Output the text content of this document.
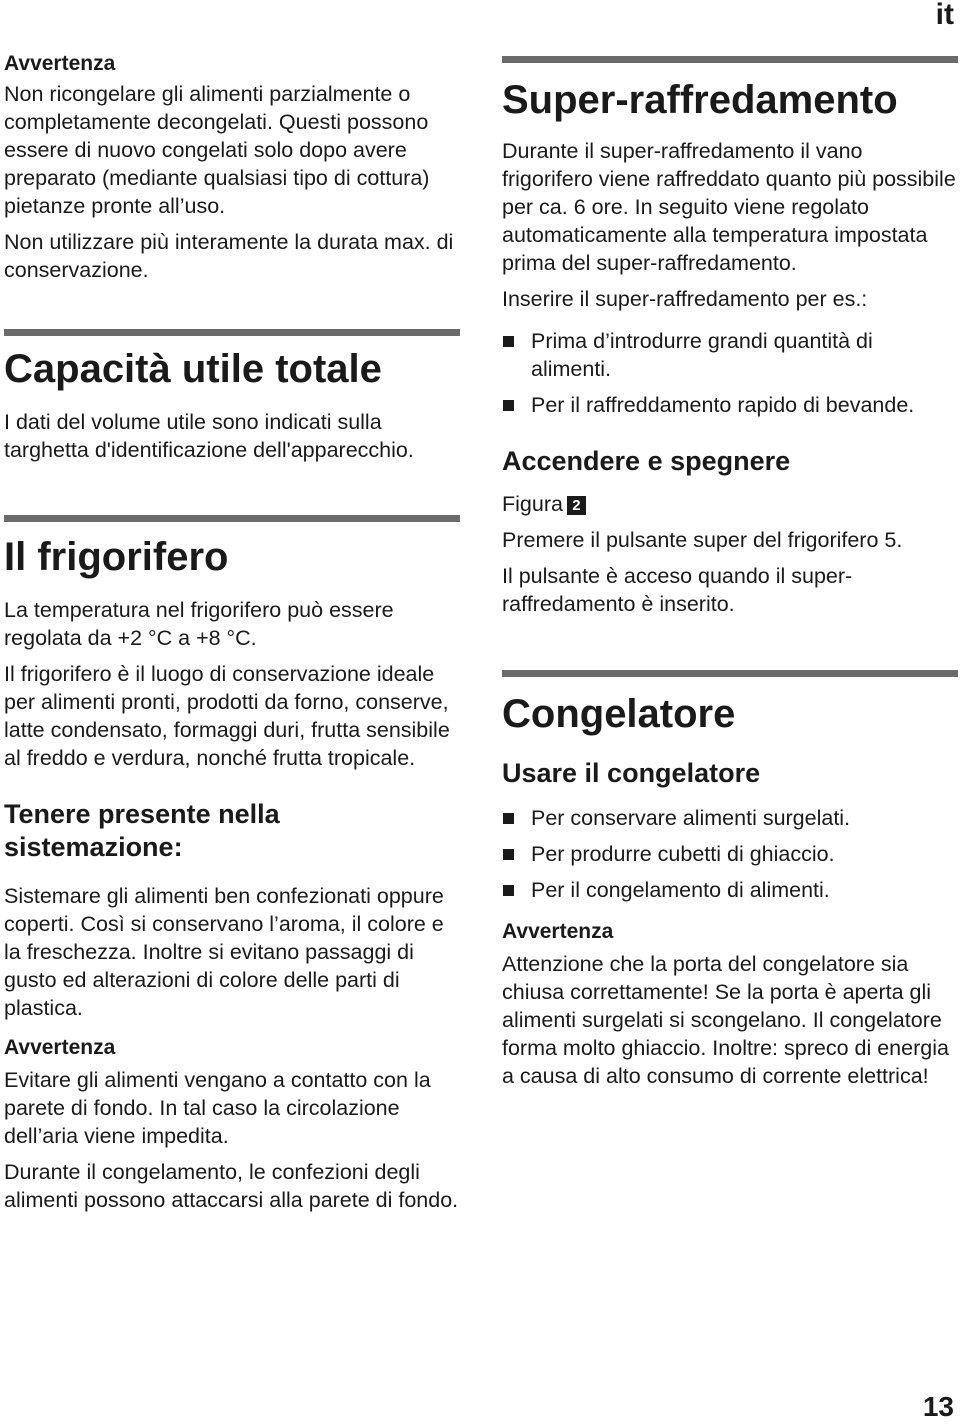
it

Avvertenza

Non ricongelare gli alimenti parzialmente o completamente decongelati. Questi possono essere di nuovo congelati solo dopo avere preparato (mediante qualsiasi tipo di cottura) pietanze pronte all’uso.

Non utilizzare più interamente la durata max. di conservazione.

Capacità utile totale

I dati del volume utile sono indicati sulla targhetta d'identificazione dell'apparecchio.

Il frigorifero

La temperatura nel frigorifero può essere regolata da +2 °C a +8 °C.

Il frigorifero è il luogo di conservazione ideale per alimenti pronti, prodotti da forno, conserve, latte condensato, formaggi duri, frutta sensibile al freddo e verdura, nonché frutta tropicale.

Tenere presente nella sistemazione:

Sistemare gli alimenti ben confezionati oppure coperti. Così si conservano l’aroma, il colore e la freschezza. Inoltre si evitano passaggi di gusto ed alterazioni di colore delle parti di plastica.

Avvertenza

Evitare gli alimenti vengano a contatto con la parete di fondo. In tal caso la circolazione dell’aria viene impedita.

Durante il congelamento, le confezioni degli alimenti possono attaccarsi alla parete di fondo.

Super-raffredamento

Durante il super-raffredamento il vano frigorifero viene raffreddato quanto più possibile per ca. 6 ore. In seguito viene regolato automaticamente alla temperatura impostata prima del super-raffredamento.

Inserire il super-raffredamento per es.:

Prima d’introdurre grandi quantità di alimenti.
Per il raffreddamento rapido di bevande.
Accendere e spegnere

Figura 2

Premere il pulsante super del frigorifero 5.

Il pulsante è acceso quando il super-raffredamento è inserito.

Congelatore
Usare il congelatore
Per conservare alimenti surgelati.
Per produrre cubetti di ghiaccio.
Per il congelamento di alimenti.

Avvertenza

Attenzione che la porta del congelatore sia chiusa correttamente! Se la porta è aperta gli alimenti surgelati si scongelano. Il congelatore forma molto ghiaccio. Inoltre: spreco di energia a causa di alto consumo di corrente elettrica!

13
